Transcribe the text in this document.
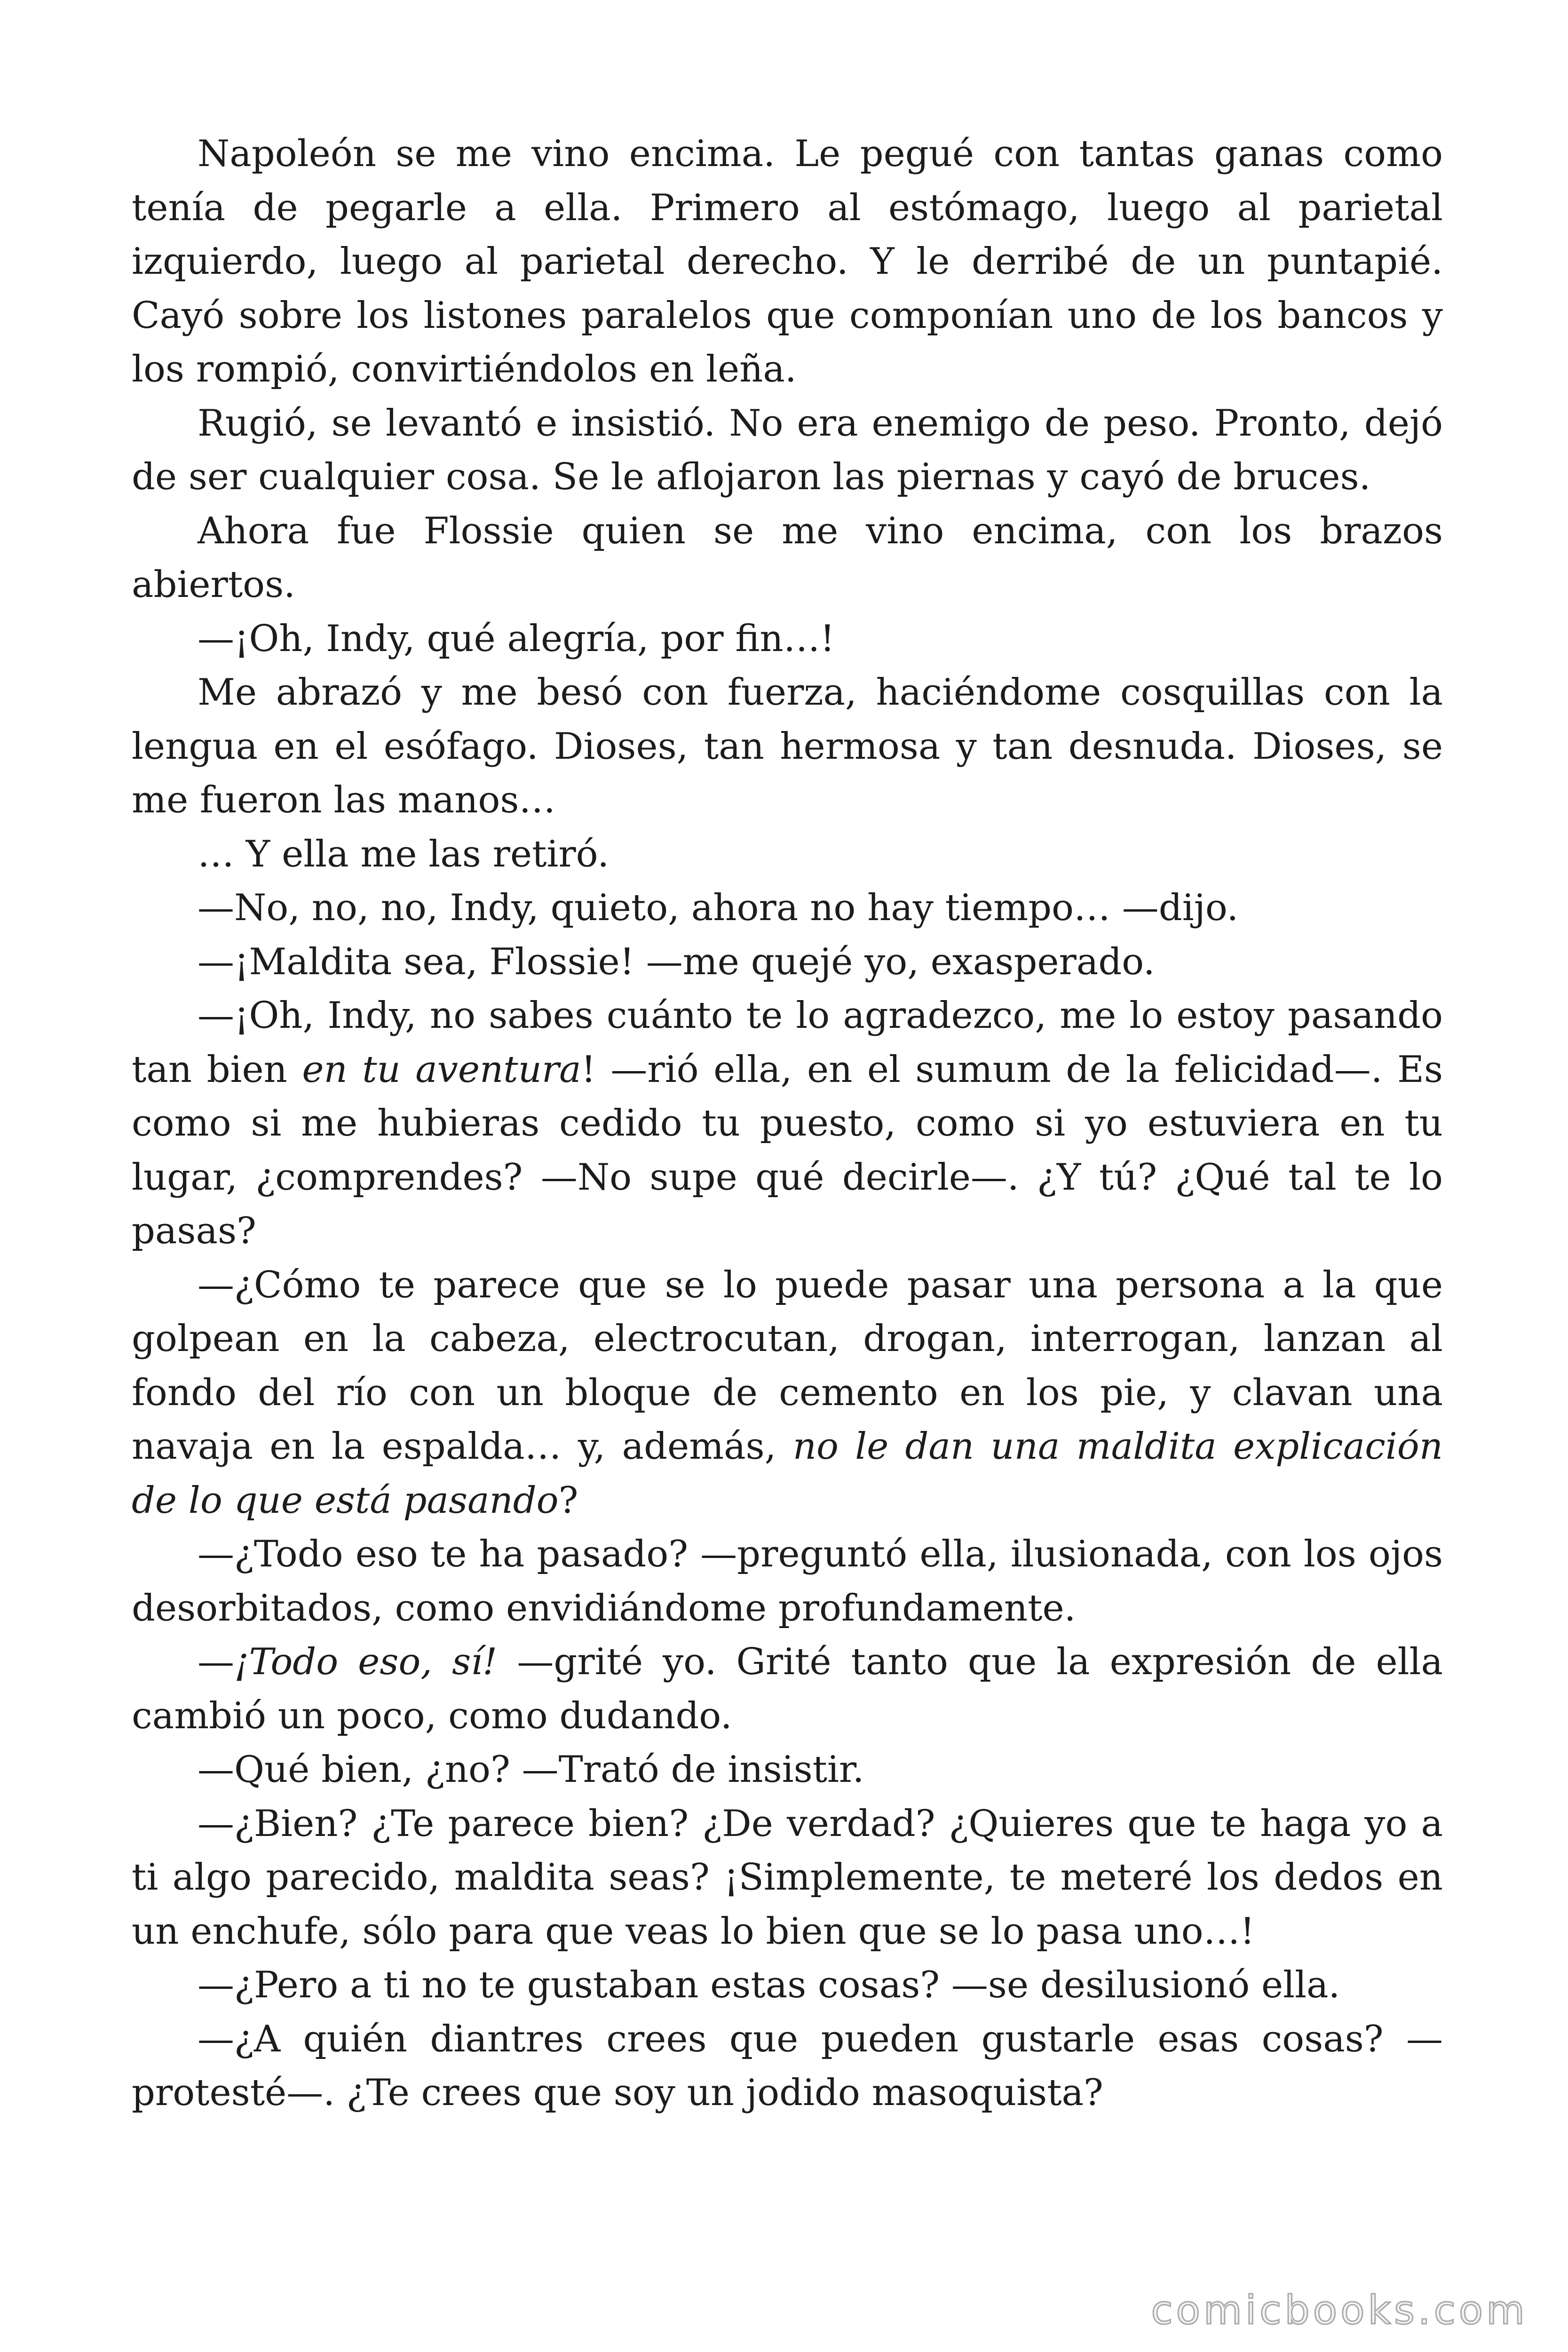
Napoleón se me vino encima. Le pegué con tantas ganas como tenía de pegarle a ella. Primero al estómago, luego al parietal izquierdo, luego al parietal derecho. Y le derribé de un puntapié. Cayó sobre los listones paralelos que componían uno de los bancos y los rompió, convirtiéndolos en leña.

Rugió, se levantó e insistió. No era enemigo de peso. Pronto, dejó de ser cualquier cosa. Se le aflojaron las piernas y cayó de bruces.

Ahora fue Flossie quien se me vino encima, con los brazos abiertos.

—¡Oh, Indy, qué alegría, por fin…!

Me abrazó y me besó con fuerza, haciéndome cosquillas con la lengua en el esófago. Dioses, tan hermosa y tan desnuda. Dioses, se me fueron las manos…

… Y ella me las retiró.

—No, no, no, Indy, quieto, ahora no hay tiempo… —dijo.

—¡Maldita sea, Flossie! —me quejé yo, exasperado.

—¡Oh, Indy, no sabes cuánto te lo agradezco, me lo estoy pasando tan bien en tu aventura! —rió ella, en el sumum de la felicidad—. Es como si me hubieras cedido tu puesto, como si yo estuviera en tu lugar, ¿comprendes? —No supe qué decirle—. ¿Y tú? ¿Qué tal te lo pasas?

—¿Cómo te parece que se lo puede pasar una persona a la que golpean en la cabeza, electrocutan, drogan, interrogan, lanzan al fondo del río con un bloque de cemento en los pie, y clavan una navaja en la espalda… y, además, no le dan una maldita explicación de lo que está pasando?

—¿Todo eso te ha pasado? —preguntó ella, ilusionada, con los ojos desorbitados, como envidiándome profundamente.

—¡Todo eso, sí! —grité yo. Grité tanto que la expresión de ella cambió un poco, como dudando.

—Qué bien, ¿no? —Trató de insistir.

—¿Bien? ¿Te parece bien? ¿De verdad? ¿Quieres que te haga yo a ti algo parecido, maldita seas? ¡Simplemente, te meteré los dedos en un enchufe, sólo para que veas lo bien que se lo pasa uno…!

—¿Pero a ti no te gustaban estas cosas? —se desilusionó ella.

—¿A quién diantres crees que pueden gustarle esas cosas? —protesté—. ¿Te crees que soy un jodido masoquista?

comicbooks.com
